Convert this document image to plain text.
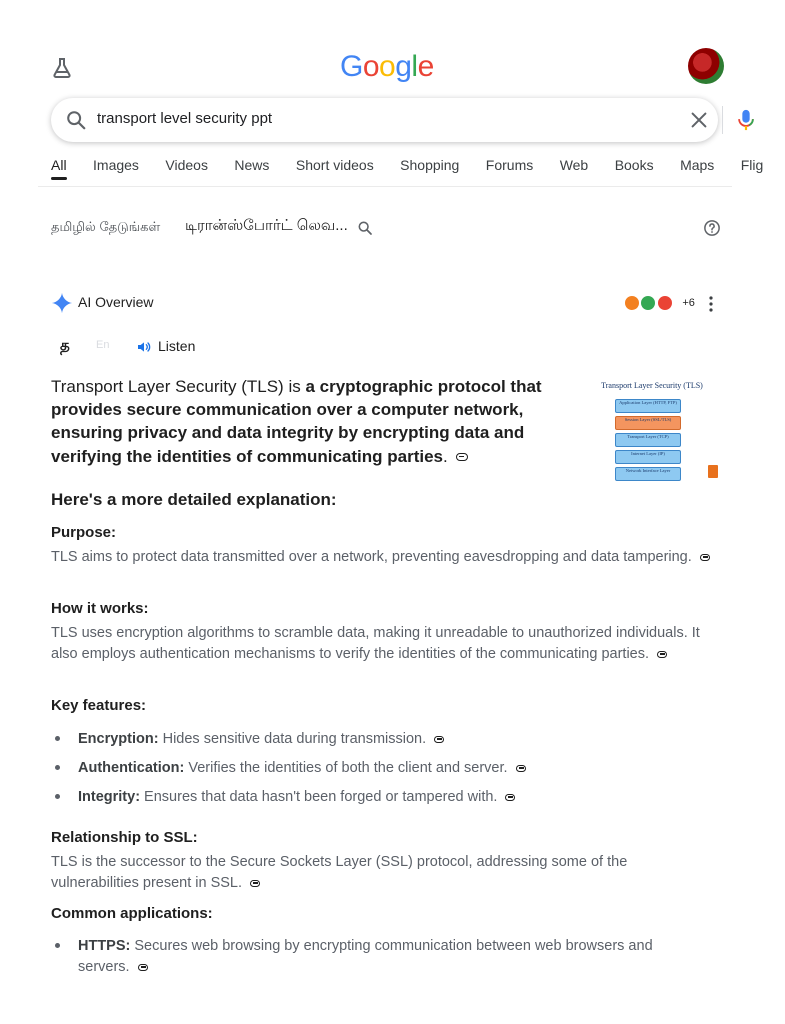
Google
transport level security ppt
All Images Videos News Short videos Shopping Forums Web Books Maps Flig
தமிழில் தேடுங்கள் டிரான்ஸ்போர்ட் லெவ...
AI Overview	+6
த En	Listen
Transport Layer Security (TLS) is a cryptographic protocol that provides secure communication over a computer network, ensuring privacy and data integrity by encrypting data and verifying the identities of communicating parties.
Transport Layer Security (TLS)
Application Layer (HTTP, FTP)
Session Layer (SSL/TLS)
Transport Layer (TCP)
Internet Layer (IP)
Network Interface Layer
Here's a more detailed explanation:
Purpose:

TLS aims to protect data transmitted over a network, preventing eavesdropping and data tampering.

How it works:

TLS uses encryption algorithms to scramble data, making it unreadable to unauthorized individuals. It also employs authentication mechanisms to verify the identities of the communicating parties.

Key features:
Encryption: Hides sensitive data during transmission.
Authentication: Verifies the identities of both the client and server.
Integrity: Ensures that data hasn't been forged or tampered with.
Relationship to SSL:

TLS is the successor to the Secure Sockets Layer (SSL) protocol, addressing some of the vulnerabilities present in SSL.

Common applications:
HTTPS: Secures web browsing by encrypting communication between web browsers and servers.
